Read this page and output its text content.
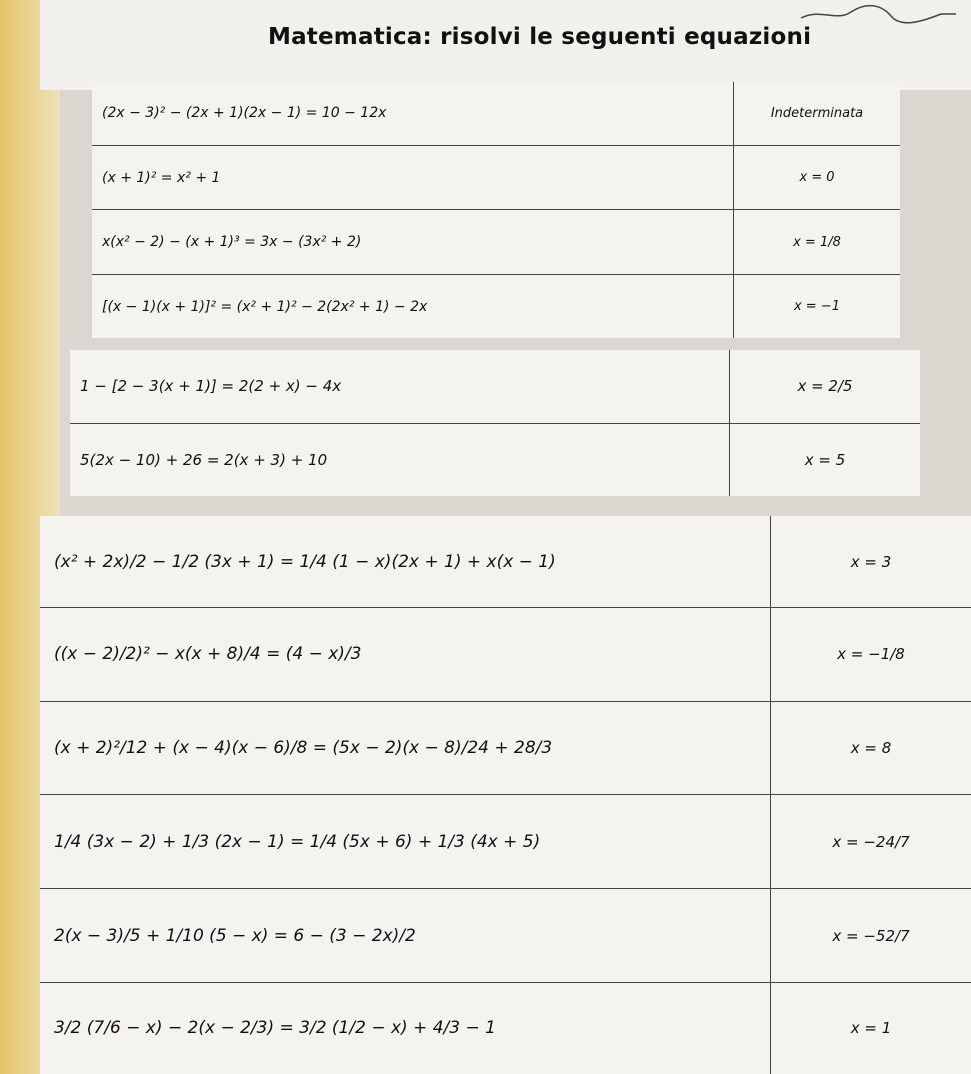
Matematica: risolvi le seguenti equazioni
(2x − 3)² − (2x + 1)(2x − 1) = 10 − 12x	Indeterminata
(x + 1)² = x² + 1	x = 0
x(x² − 2) − (x + 1)³ = 3x − (3x² + 2)	x = 1/8
[(x − 1)(x + 1)]² = (x² + 1)² − 2(2x² + 1) − 2x	x = −1
1 − [2 − 3(x + 1)] = 2(2 + x) − 4x	x = 2/5
5(2x − 10) + 26 = 2(x + 3) + 10	x = 5
(x² + 2x)/2 − 1/2 (3x + 1) = 1/4 (1 − x)(2x + 1) + x(x − 1)	x = 3
((x − 2)/2)² − x(x + 8)/4 = (4 − x)/3	x = −1/8
(x + 2)²/12 + (x − 4)(x − 6)/8 = (5x − 2)(x − 8)/24 + 28/3	x = 8
1/4 (3x − 2) + 1/3 (2x − 1) = 1/4 (5x + 6) + 1/3 (4x + 5)	x = −24/7
2(x − 3)/5 + 1/10 (5 − x) = 6 − (3 − 2x)/2	x = −52/7
3/2 (7/6 − x) − 2(x − 2/3) = 3/2 (1/2 − x) + 4/3 − 1	x = 1
